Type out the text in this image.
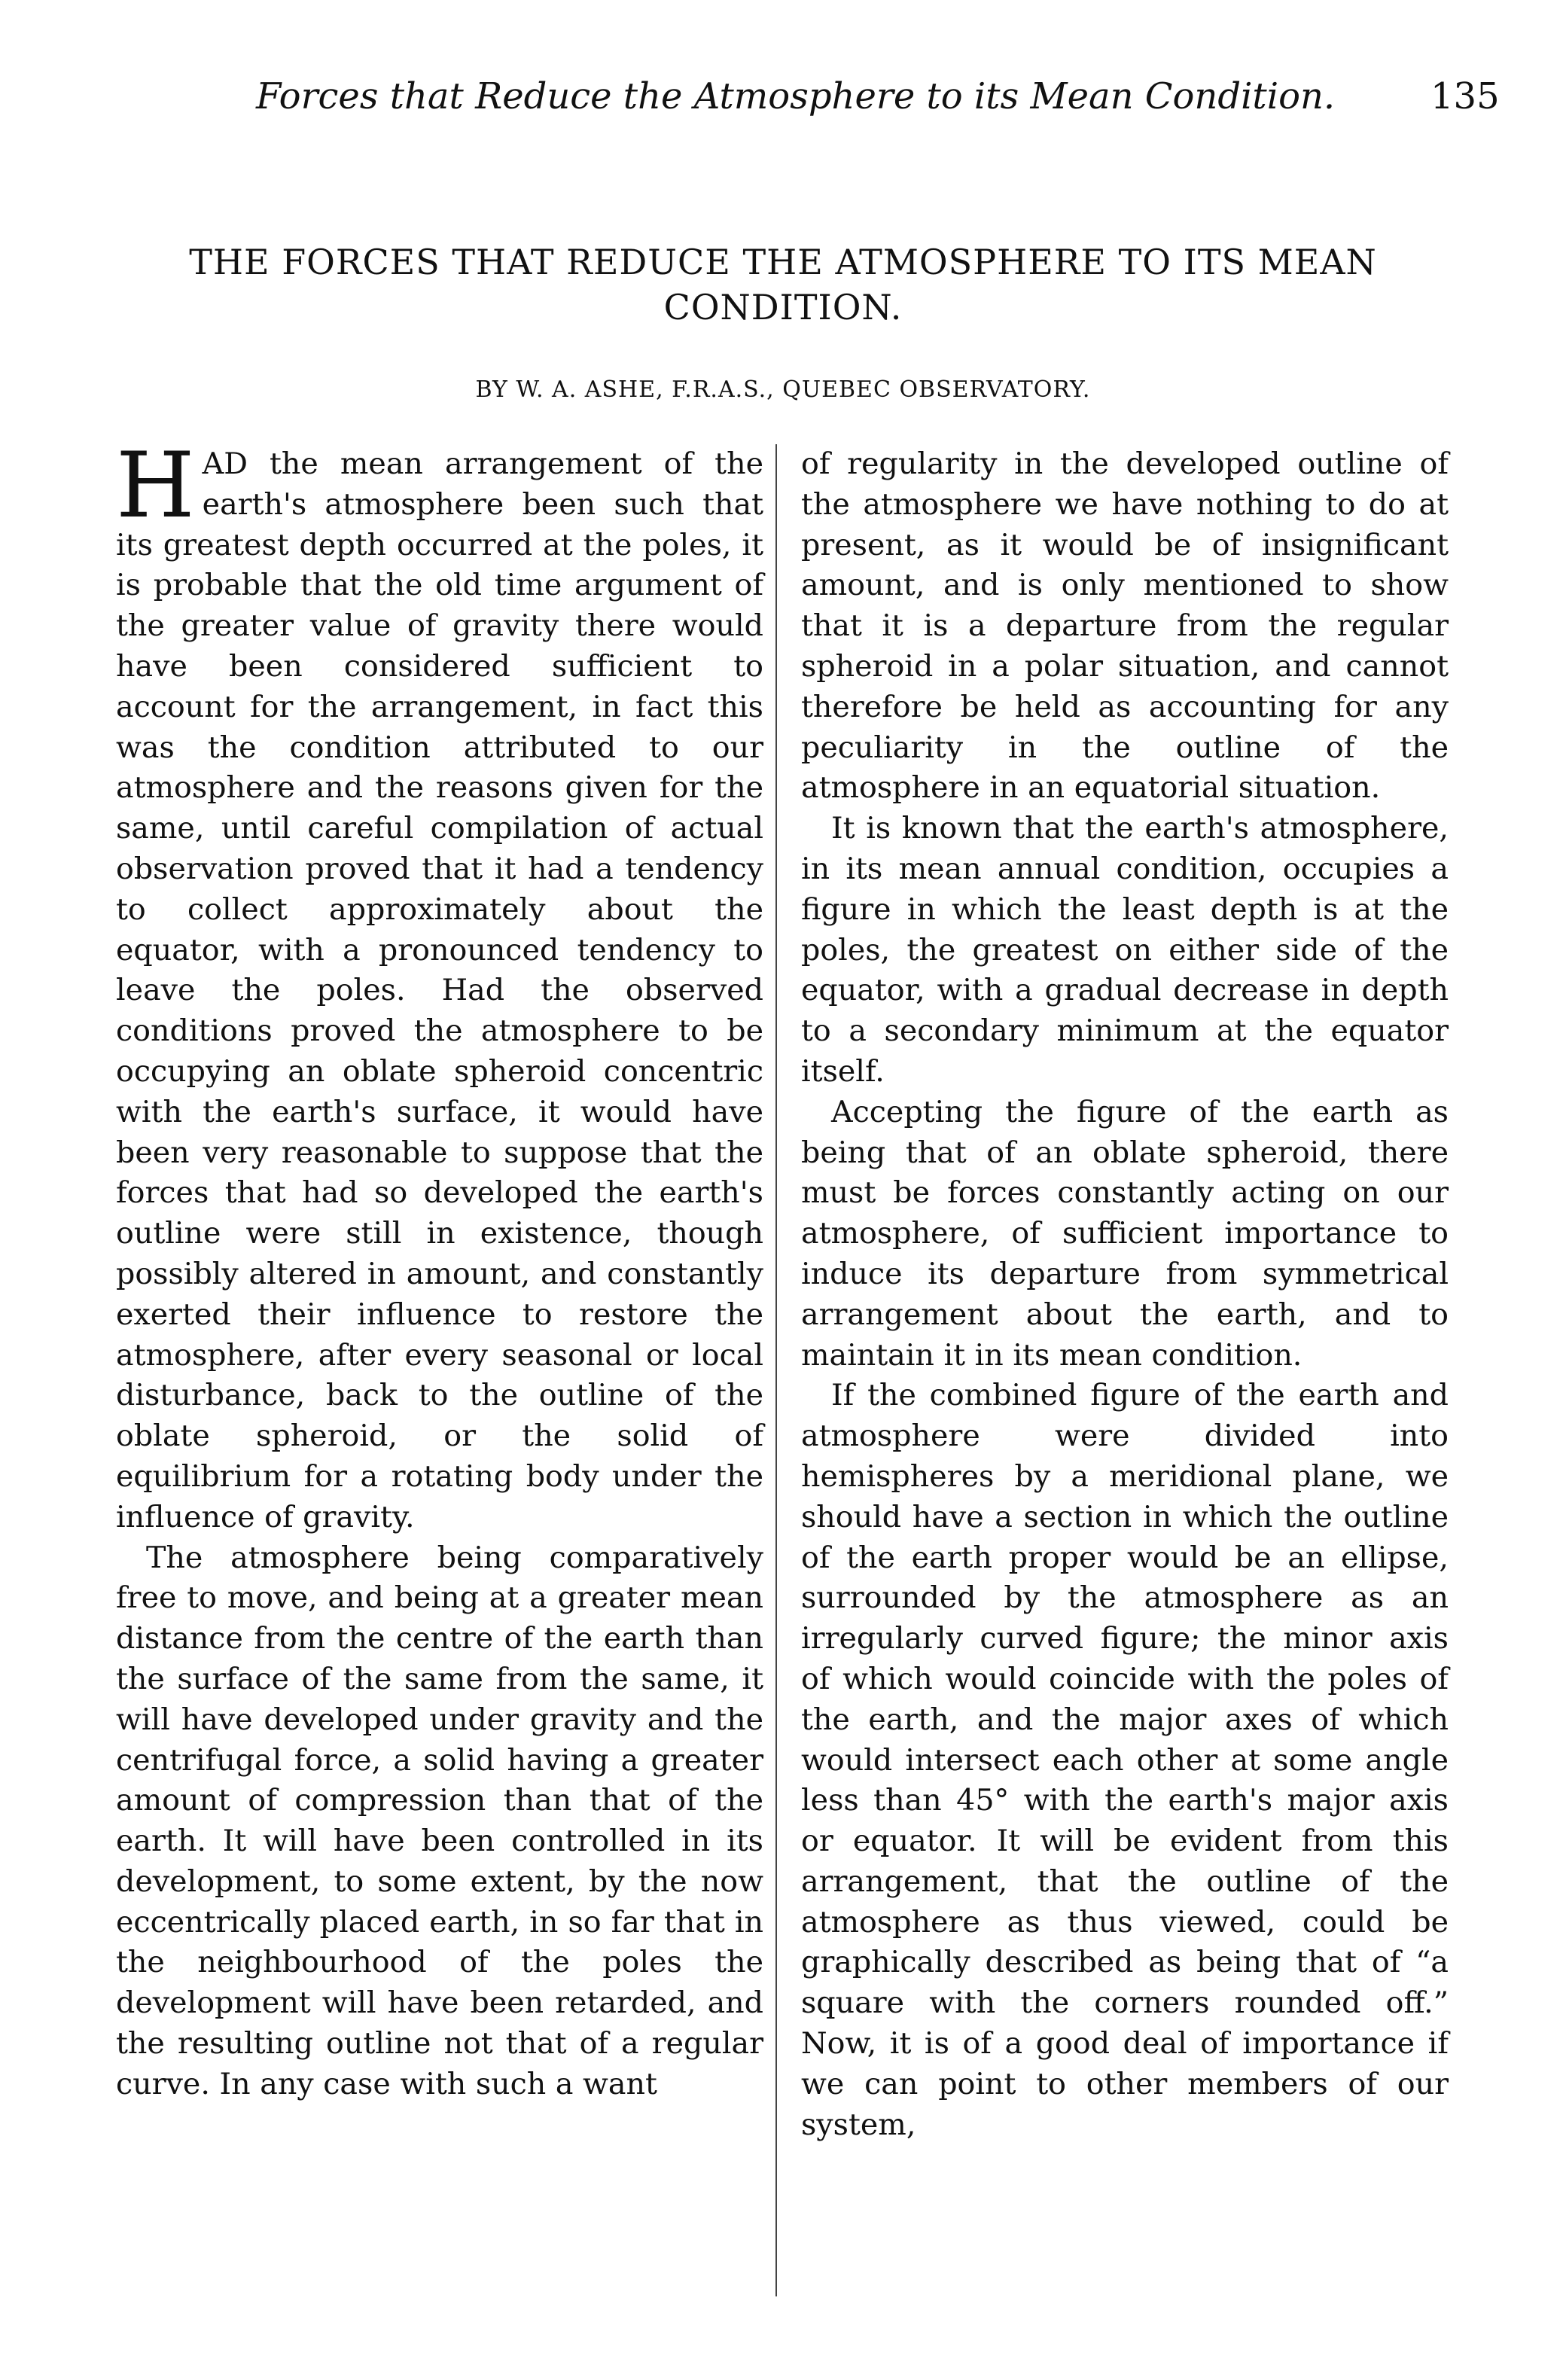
Forces that Reduce the Atmosphere to its Mean Condition.	135
THE FORCES THAT REDUCE THE ATMOSPHERE TO ITS MEAN CONDITION.
BY W. A. ASHE, F.R.A.S., QUEBEC OBSERVATORY.

HAD the mean arrangement of the earth's atmosphere been such that its greatest depth occurred at the poles, it is probable that the old time argument of the greater value of gravity there would have been considered sufficient to account for the arrangement, in fact this was the condition attributed to our atmosphere and the reasons given for the same, until careful compilation of actual observation proved that it had a tendency to collect approximately about the equator, with a pronounced tendency to leave the poles. Had the observed conditions proved the atmosphere to be occupying an oblate spheroid concentric with the earth's surface, it would have been very reasonable to suppose that the forces that had so developed the earth's outline were still in existence, though possibly altered in amount, and constantly exerted their influence to restore the atmosphere, after every seasonal or local disturbance, back to the outline of the oblate spheroid, or the solid of equilibrium for a rotating body under the influence of gravity.

The atmosphere being comparatively free to move, and being at a greater mean distance from the centre of the earth than the surface of the same from the same, it will have developed under gravity and the centrifugal force, a solid having a greater amount of compression than that of the earth. It will have been controlled in its development, to some extent, by the now eccentrically placed earth, in so far that in the neighbourhood of the poles the development will have been retarded, and the resulting outline not that of a regular curve. In any case with such a want

of regularity in the developed outline of the atmosphere we have nothing to do at present, as it would be of insignificant amount, and is only mentioned to show that it is a departure from the regular spheroid in a polar situation, and cannot therefore be held as accounting for any peculiarity in the outline of the atmosphere in an equatorial situation.

It is known that the earth's atmosphere, in its mean annual condition, occupies a figure in which the least depth is at the poles, the greatest on either side of the equator, with a gradual decrease in depth to a secondary minimum at the equator itself.

Accepting the figure of the earth as being that of an oblate spheroid, there must be forces constantly acting on our atmosphere, of sufficient importance to induce its departure from symmetrical arrangement about the earth, and to maintain it in its mean condition.

If the combined figure of the earth and atmosphere were divided into hemispheres by a meridional plane, we should have a section in which the outline of the earth proper would be an ellipse, surrounded by the atmosphere as an irregularly curved figure; the minor axis of which would coincide with the poles of the earth, and the major axes of which would intersect each other at some angle less than 45° with the earth's major axis or equator. It will be evident from this arrangement, that the outline of the atmosphere as thus viewed, could be graphically described as being that of “a square with the corners rounded off.” Now, it is of a good deal of importance if we can point to other members of our system,
